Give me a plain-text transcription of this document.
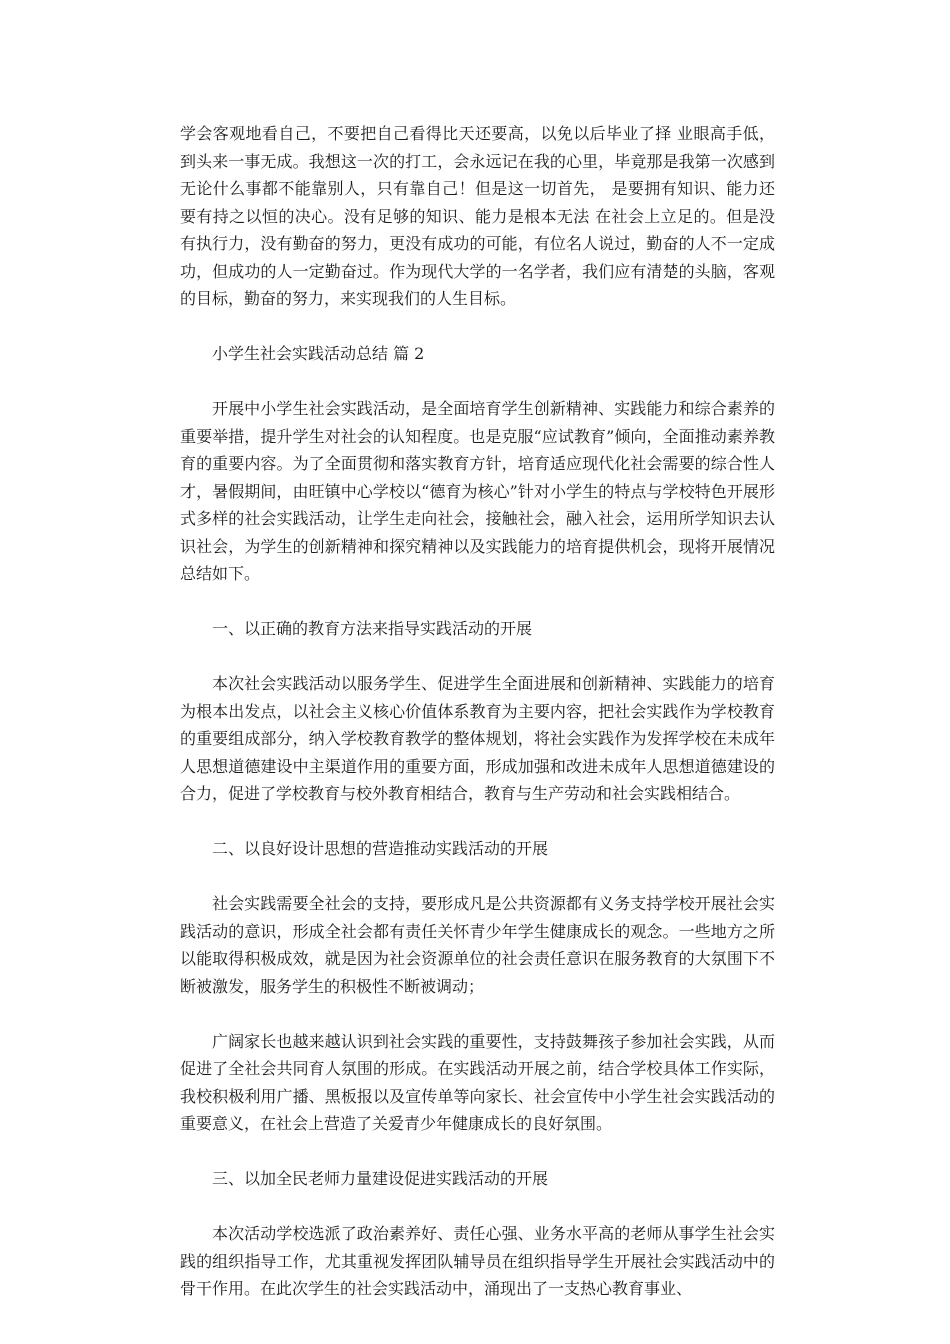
学会客观地看自己，不要把自己看得比天还要高，以免以后毕业了择 业眼高手低，到头来一事无成。我想这一次的打工，会永远记在我的心里，毕竟那是我第一次感到无论什么事都不能靠别人，只有靠自己！但是这一切首先， 是要拥有知识、能力还要有持之以恒的决心。没有足够的知识、能力是根本无法 在社会上立足的。但是没有执行力，没有勤奋的努力，更没有成功的可能，有位名人说过，勤奋的人不一定成功，但成功的人一定勤奋过。作为现代大学的一名学者，我们应有清楚的头脑，客观的目标，勤奋的努力，来实现我们的人生目标。

小学生社会实践活动总结 篇 2

开展中小学生社会实践活动，是全面培育学生创新精神、实践能力和综合素养的重要举措，提升学生对社会的认知程度。也是克服“应试教育”倾向，全面推动素养教育的重要内容。为了全面贯彻和落实教育方针，培育适应现代化社会需要的综合性人才，暑假期间，由旺镇中心学校以“德育为核心”针对小学生的特点与学校特色开展形式多样的社会实践活动，让学生走向社会，接触社会，融入社会，运用所学知识去认识社会，为学生的创新精神和探究精神以及实践能力的培育提供机会，现将开展情况总结如下。

一、以正确的教育方法来指导实践活动的开展

本次社会实践活动以服务学生、促进学生全面进展和创新精神、实践能力的培育为根本出发点，以社会主义核心价值体系教育为主要内容，把社会实践作为学校教育的重要组成部分，纳入学校教育教学的整体规划，将社会实践作为发挥学校在未成年人思想道德建设中主渠道作用的重要方面，形成加强和改进未成年人思想道德建设的合力，促进了学校教育与校外教育相结合，教育与生产劳动和社会实践相结合。

二、以良好设计思想的营造推动实践活动的开展

社会实践需要全社会的支持，要形成凡是公共资源都有义务支持学校开展社会实践活动的意识，形成全社会都有责任关怀青少年学生健康成长的观念。一些地方之所以能取得积极成效，就是因为社会资源单位的社会责任意识在服务教育的大氛围下不断被激发，服务学生的积极性不断被调动；

广阔家长也越来越认识到社会实践的重要性，支持鼓舞孩子参加社会实践，从而促进了全社会共同育人氛围的形成。在实践活动开展之前，结合学校具体工作实际，我校积极利用广播、黑板报以及宣传单等向家长、社会宣传中小学生社会实践活动的重要意义，在社会上营造了关爱青少年健康成长的良好氛围。

三、以加全民老师力量建设促进实践活动的开展

本次活动学校选派了政治素养好、责任心强、业务水平高的老师从事学生社会实践的组织指导工作，尤其重视发挥团队辅导员在组织指导学生开展社会实践活动中的骨干作用。在此次学生的社会实践活动中，涌现出了一支热心教育事业、
